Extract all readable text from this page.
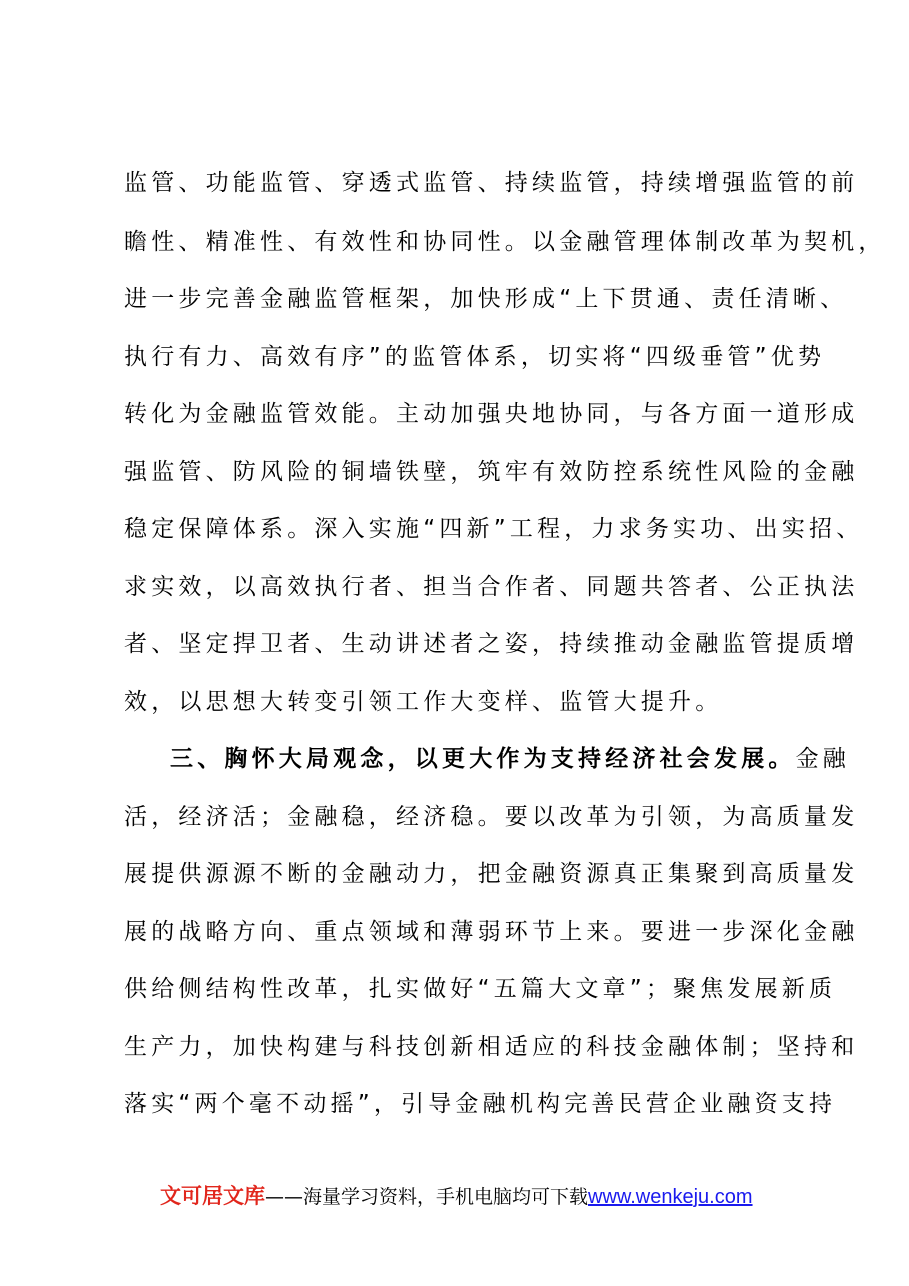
监管、功能监管、穿透式监管、持续监管，持续增强监管的前
瞻性、精准性、有效性和协同性。以金融管理体制改革为契机，
进一步完善金融监管框架，加快形成“上下贯通、责任清晰、
执行有力、高效有序”的监管体系，切实将“四级垂管”优势
转化为金融监管效能。主动加强央地协同，与各方面一道形成
强监管、防风险的铜墙铁壁，筑牢有效防控系统性风险的金融
稳定保障体系。深入实施“四新”工程，力求务实功、出实招、
求实效，以高效执行者、担当合作者、同题共答者、公正执法
者、坚定捍卫者、生动讲述者之姿，持续推动金融监管提质增
效，以思想大转变引领工作大变样、监管大提升。
三、胸怀大局观念，以更大作为支持经济社会发展。金融
活，经济活；金融稳，经济稳。要以改革为引领，为高质量发
展提供源源不断的金融动力，把金融资源真正集聚到高质量发
展的战略方向、重点领域和薄弱环节上来。要进一步深化金融
供给侧结构性改革，扎实做好“五篇大文章”；聚焦发展新质
生产力，加快构建与科技创新相适应的科技金融体制；坚持和
落实“两个毫不动摇”，引导金融机构完善民营企业融资支持
文可居文库——海量学习资料，手机电脑均可下载www.wenkeju.com
